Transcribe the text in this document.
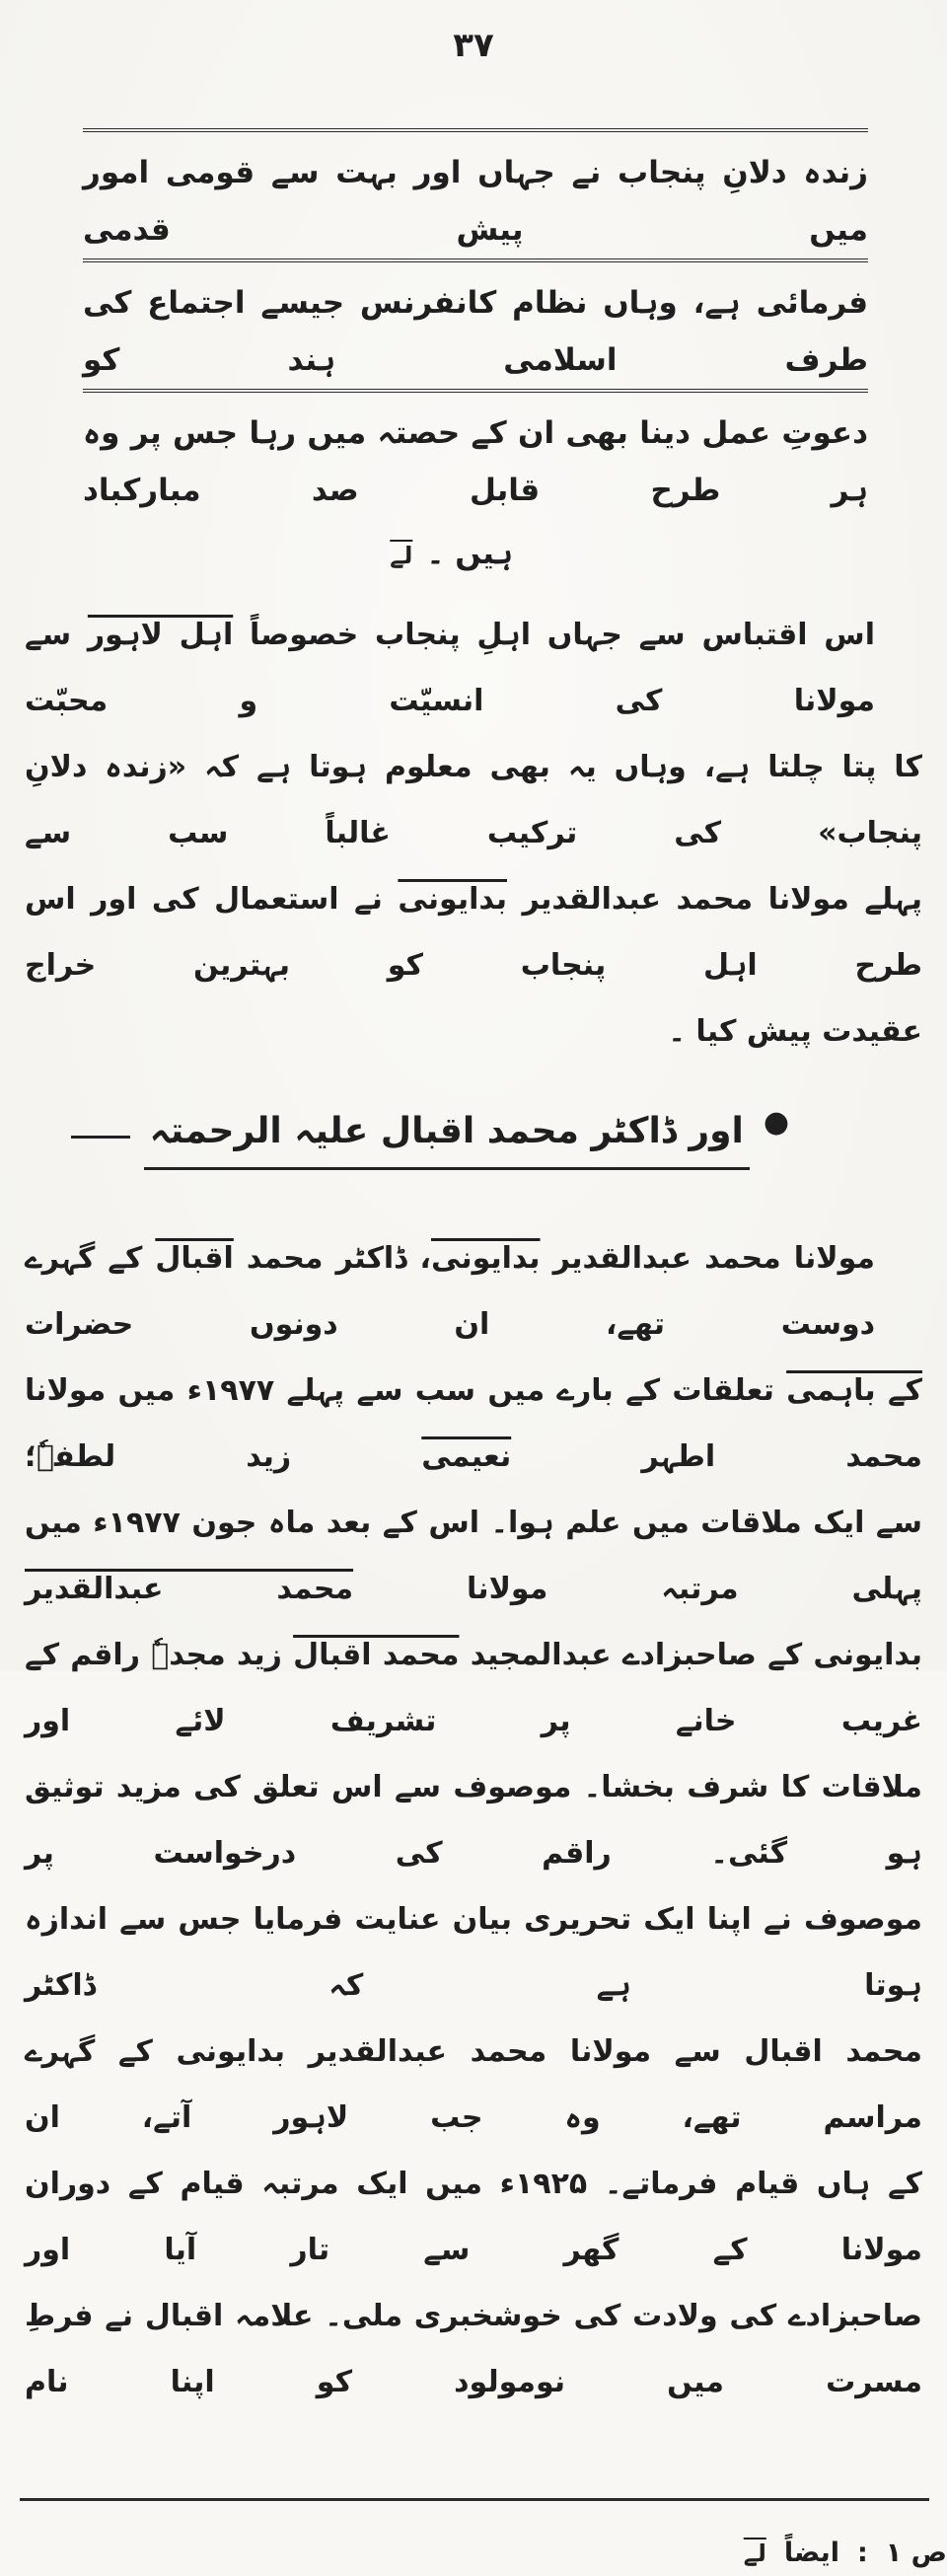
۳۷
زندہ دلانِ پنجاب نے جہاں اور بہت سے قومی امور میں پیش قدمی
فرمائی ہے، وہاں نظام کانفرنس جیسے اجتماع کی طرف اسلامی ہند کو
دعوتِ عمل دینا بھی ان کے حصتہ میں رہا جس پر وہ ہر طرح قابل صد مبارکباد
ہیں ۔لے
اس اقتباس سے جہاں اہلِ پنجاب خصوصاً اہل لاہور سے مولانا کی انسیّت و محبّت
کا پتا چلتا ہے، وہاں یہ بھی معلوم ہوتا ہے کہ «زندہ دلانِ پنجاب» کی ترکیب غالباً سب سے
پہلے مولانا محمد عبدالقدیر بدایونی نے استعمال کی اور اس طرح اہل پنجاب کو بہترین خراج
عقیدت پیش کیا ۔
●
اور ڈاکٹر محمد اقبال علیہ الرحمتہ
مولانا محمد عبدالقدیر بدایونی، ڈاکٹر محمد اقبال کے گہرے دوست تھے، ان دونوں حضرات
کے باہمی تعلقات کے بارے میں سب سے پہلے ۱۹۷۷ء میں مولانا محمد اطہر نعیمی زید لطفہٗ؛
سے ایک ملاقات میں علم ہوا۔ اس کے بعد ماہ جون ۱۹۷۷ء میں پہلی مرتبہ مولانا محمد عبدالقدیر
بدایونی کے صاحبزادے عبدالمجید محمد اقبال زید مجدہٗ راقم کے غریب خانے پر تشریف لائے اور
ملاقات کا شرف بخشا۔ موصوف سے اس تعلق کی مزید توثیق ہو گئی۔ راقم کی درخواست پر
موصوف نے اپنا ایک تحریری بیان عنایت فرمایا جس سے اندازہ ہوتا ہے کہ ڈاکٹر
محمد اقبال سے مولانا محمد عبدالقدیر بدایونی کے گہرے مراسم تھے، وہ جب لاہور آتے، ان
کے ہاں قیام فرماتے۔ ۱۹۲۵ء میں ایک مرتبہ قیام کے دوران مولانا کے گھر سے تار آیا اور
صاحبزادے کی ولادت کی خوشخبری ملی۔ علامہ اقبال نے فرطِ مسرت میں نومولود کو اپنا نام
لے ایضاً : ص ۱
